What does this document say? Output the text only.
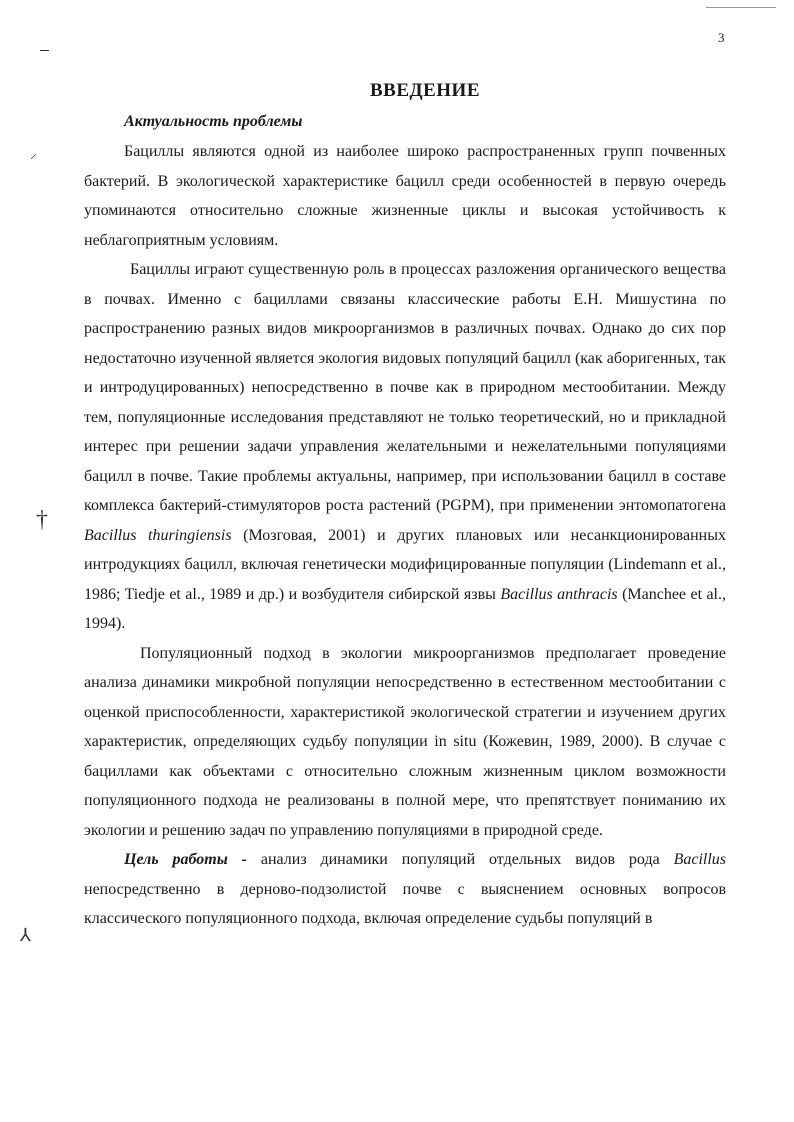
⸝
†
⅄
3
ВВЕДЕНИЕ
Актуальность проблемы

Бациллы являются одной из наиболее широко распространенных групп почвенных бактерий. В экологической характеристике бацилл среди особенностей в первую очередь упоминаются относительно сложные жизненные циклы и высокая устойчивость к неблагоприятным условиям.

Бациллы играют существенную роль в процессах разложения органического вещества в почвах. Именно с бациллами связаны классические работы Е.Н. Мишустина по распространению разных видов микроорганизмов в различных почвах. Однако до сих пор недостаточно изученной является экология видовых популяций бацилл (как аборигенных, так и интродуцированных) непосредственно в почве как в природном местообитании. Между тем, популяционные исследования представляют не только теоретический, но и прикладной интерес при решении задачи управления желательными и нежелательными популяциями бацилл в почве. Такие проблемы актуальны, например, при использовании бацилл в составе комплекса бактерий-стимуляторов роста растений (PGPM), при применении энтомопатогена Bacillus thuringiensis (Мозговая, 2001) и других плановых или несанкционированных интродукциях бацилл, включая генетически модифицированные популяции (Lindemann et al., 1986; Tiedje et al., 1989 и др.) и возбудителя сибирской язвы Bacillus anthracis (Manchee et al., 1994).

Популяционный подход в экологии микроорганизмов предполагает проведение анализа динамики микробной популяции непосредственно в естественном местообитании с оценкой приспособленности, характеристикой экологической стратегии и изучением других характеристик, определяющих судьбу популяции in situ (Кожевин, 1989, 2000). В случае с бациллами как объектами с относительно сложным жизненным циклом возможности популяционного подхода не реализованы в полной мере, что препятствует пониманию их экологии и решению задач по управлению популяциями в природной среде.

Цель работы - анализ динамики популяций отдельных видов рода Bacillus непосредственно в дерново-подзолистой почве с выяснением основных вопросов классического популяционного подхода, включая определение судьбы популяций в
